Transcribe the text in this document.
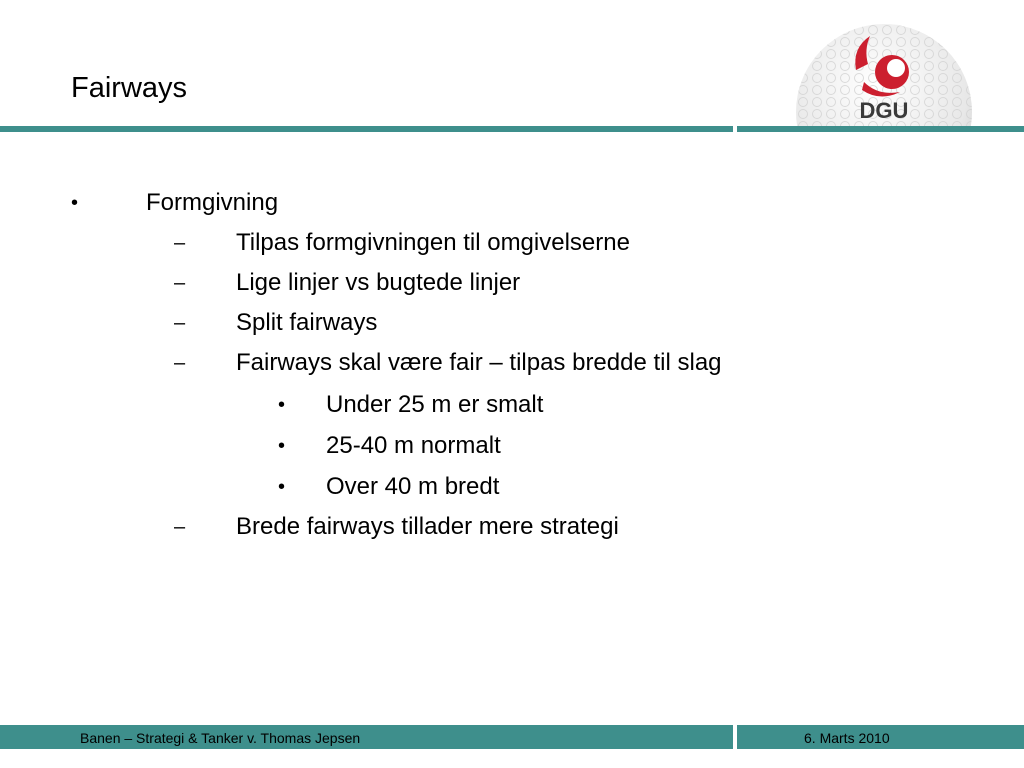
Fairways
DGU
•	Formgivning
– Tilpas formgivningen til omgivelserne
– Lige linjer vs bugtede linjer
– Split fairways
– Fairways skal være fair – tilpas bredde til slag
• Under 25 m er smalt
• 25-40 m normalt
• Over 40 m bredt
– Brede fairways tillader mere strategi
Banen – Strategi & Tanker v. Thomas Jepsen	6. Marts 2010
